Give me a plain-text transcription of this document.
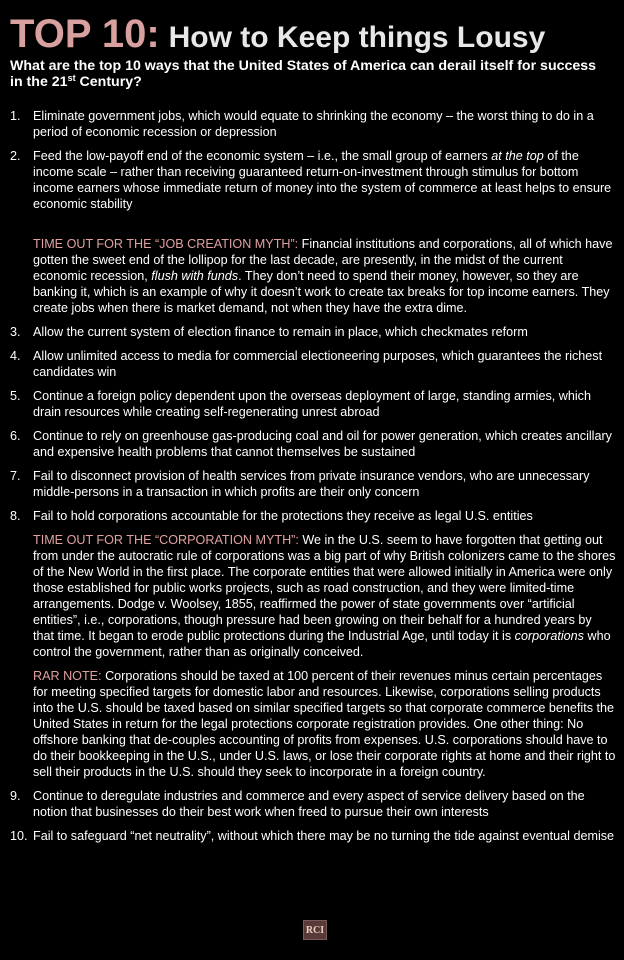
TOP 10: How to Keep things Lousy
What are the top 10 ways that the United States of America can derail itself for success in the 21st Century?
1. Eliminate government jobs, which would equate to shrinking the economy – the worst thing to do in a period of economic recession or depression
2. Feed the low-payoff end of the economic system – i.e., the small group of earners at the top of the income scale – rather than receiving guaranteed return-on-investment through stimulus for bottom income earners whose immediate return of money into the system of commerce at least helps to ensure economic stability
TIME OUT FOR THE “JOB CREATION MYTH”: Financial institutions and corporations, all of which have gotten the sweet end of the lollipop for the last decade, are presently, in the midst of the current economic recession, flush with funds. They don’t need to spend their money, however, so they are banking it, which is an example of why it doesn’t work to create tax breaks for top income earners. They create jobs when there is market demand, not when they have the extra dime.
3. Allow the current system of election finance to remain in place, which checkmates reform
4. Allow unlimited access to media for commercial electioneering purposes, which guarantees the richest candidates win
5. Continue a foreign policy dependent upon the overseas deployment of large, standing armies, which drain resources while creating self-regenerating unrest abroad
6. Continue to rely on greenhouse gas-producing coal and oil for power generation, which creates ancillary and expensive health problems that cannot themselves be sustained
7. Fail to disconnect provision of health services from private insurance vendors, who are unnecessary middle-persons in a transaction in which profits are their only concern
8. Fail to hold corporations accountable for the protections they receive as legal U.S. entities
TIME OUT FOR THE “CORPORATION MYTH”: We in the U.S. seem to have forgotten that getting out from under the autocratic rule of corporations was a big part of why British colonizers came to the shores of the New World in the first place. The corporate entities that were allowed initially in America were only those established for public works projects, such as road construction, and they were limited-time arrangements. Dodge v. Woolsey, 1855, reaffirmed the power of state governments over “artificial entities”, i.e., corporations, though pressure had been growing on their behalf for a hundred years by that time. It began to erode public protections during the Industrial Age, until today it is corporations who control the government, rather than as originally conceived.
RAR NOTE: Corporations should be taxed at 100 percent of their revenues minus certain percentages for meeting specified targets for domestic labor and resources. Likewise, corporations selling products into the U.S. should be taxed based on similar specified targets so that corporate commerce benefits the United States in return for the legal protections corporate registration provides. One other thing: No offshore banking that de-couples accounting of profits from expenses. U.S. corporations should have to do their bookkeeping in the U.S., under U.S. laws, or lose their corporate rights at home and their right to sell their products in the U.S. should they seek to incorporate in a foreign country.
9. Continue to deregulate industries and commerce and every aspect of service delivery based on the notion that businesses do their best work when freed to pursue their own interests
10. Fail to safeguard “net neutrality”, without which there may be no turning the tide against eventual demise
RCI
